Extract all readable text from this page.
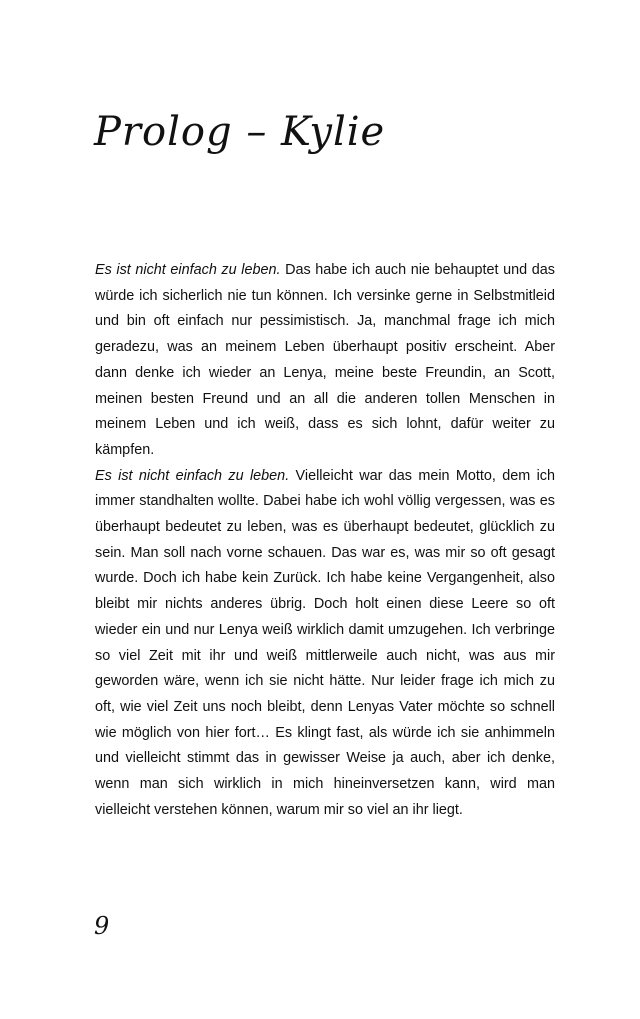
Prolog – Kylie

Es ist nicht einfach zu leben. Das habe ich auch nie behauptet und das würde ich sicherlich nie tun können. Ich versinke gerne in Selbstmitleid und bin oft einfach nur pessimistisch. Ja, manchmal frage ich mich geradezu, was an meinem Leben überhaupt positiv erscheint. Aber dann denke ich wieder an Lenya, meine beste Freundin, an Scott, meinen besten Freund und an all die anderen tollen Menschen in meinem Leben und ich weiß, dass es sich lohnt, dafür weiter zu kämpfen.

Es ist nicht einfach zu leben. Vielleicht war das mein Motto, dem ich immer standhalten wollte. Dabei habe ich wohl völlig vergessen, was es überhaupt bedeutet zu leben, was es überhaupt bedeutet, glücklich zu sein. Man soll nach vorne schauen. Das war es, was mir so oft gesagt wurde. Doch ich habe kein Zurück. Ich habe keine Vergangenheit, also bleibt mir nichts anderes übrig. Doch holt einen diese Leere so oft wieder ein und nur Lenya weiß wirklich damit umzugehen. Ich verbringe so viel Zeit mit ihr und weiß mittlerweile auch nicht, was aus mir geworden wäre, wenn ich sie nicht hätte. Nur leider frage ich mich zu oft, wie viel Zeit uns noch bleibt, denn Lenyas Vater möchte so schnell wie möglich von hier fort… Es klingt fast, als würde ich sie anhimmeln und vielleicht stimmt das in gewisser Weise ja auch, aber ich denke, wenn man sich wirklich in mich hineinversetzen kann, wird man vielleicht verstehen können, warum mir so viel an ihr liegt.

9
